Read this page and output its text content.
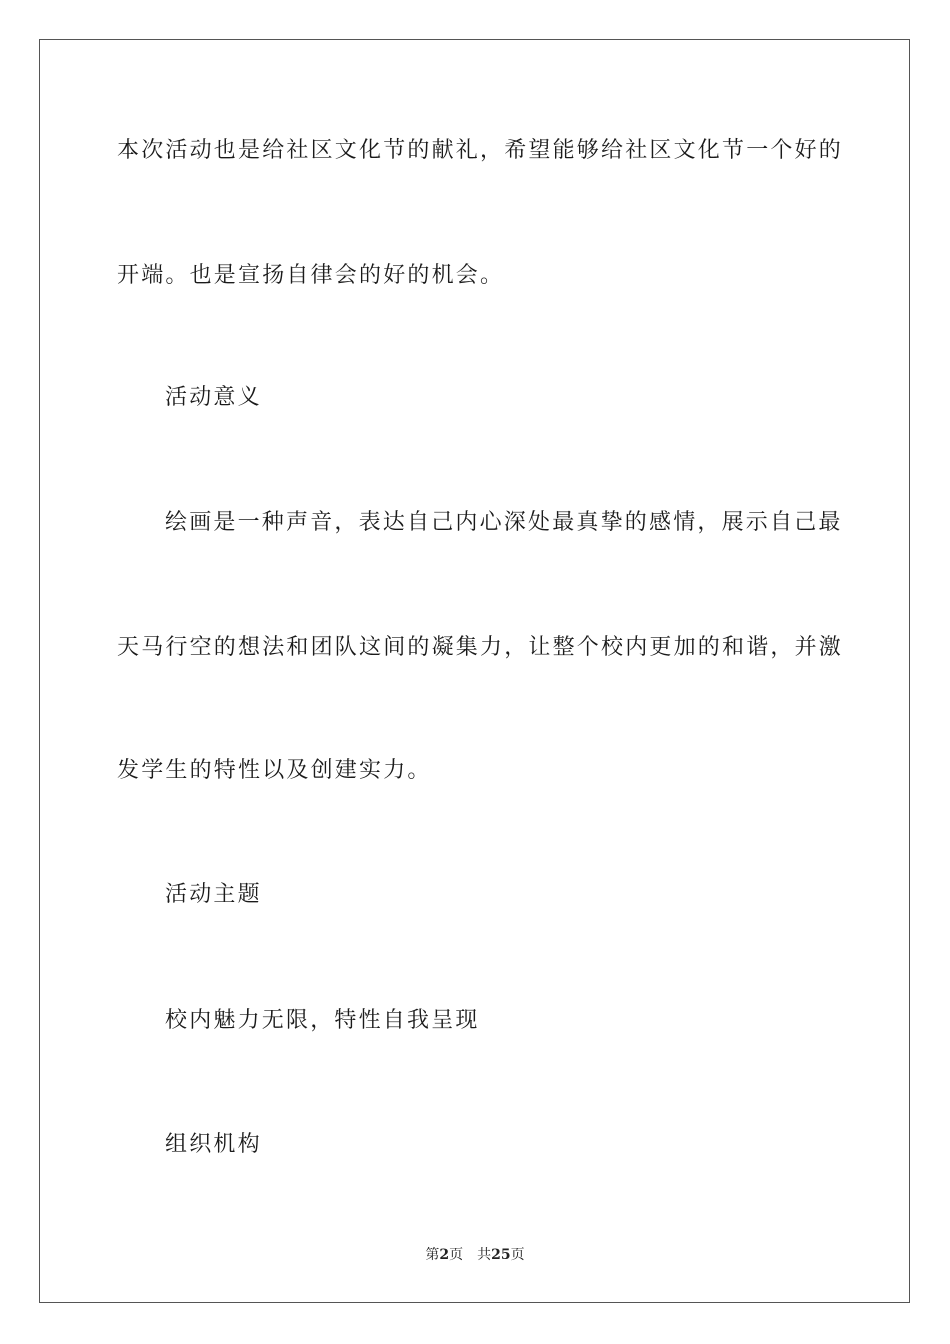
本次活动也是给社区文化节的献礼，希望能够给社区文化节一个好的
开端。也是宣扬自律会的好的机会。
活动意义
绘画是一种声音，表达自己内心深处最真挚的感情，展示自己最
天马行空的想法和团队这间的凝集力，让整个校内更加的和谐，并激
发学生的特性以及创建实力。
活动主题
校内魅力无限，特性自我呈现
组织机构
第2页 共25页
